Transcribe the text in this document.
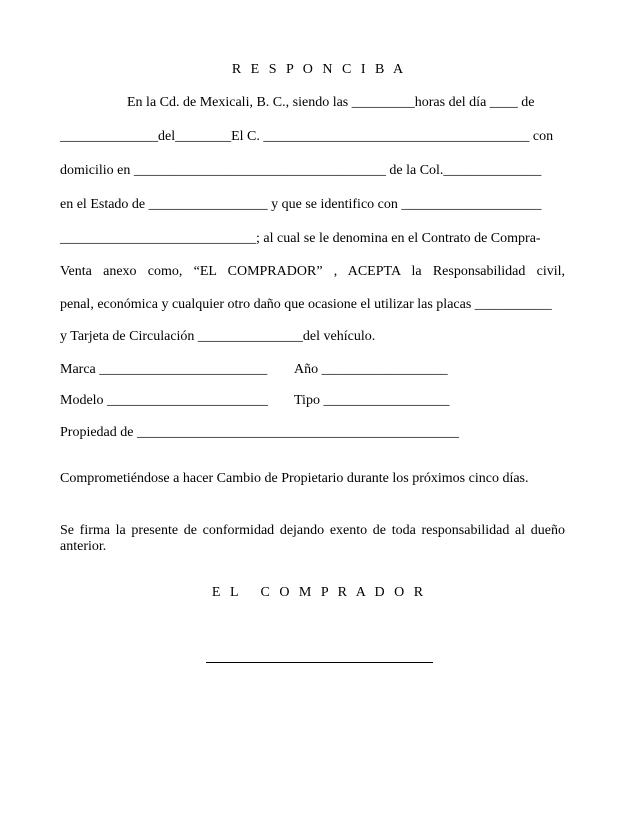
R E S P O N C I B A
En la Cd. de Mexicali, B. C., siendo las _________horas del día ____ de
______________del________El C. ______________________________________ con
domicilio en ____________________________________ de la Col.______________
en el Estado de _________________ y que se identifico con ____________________
____________________________; al cual se le denomina en el Contrato de Compra-
Venta anexo como, “EL COMPRADOR” , ACEPTA la Responsabilidad civil,
penal, económica y cualquier otro daño que ocasione el utilizar las placas ___________
y Tarjeta de Circulación _______________del vehículo.
Marca ________________________ Año __________________
Modelo _______________________ Tipo __________________
Propiedad de ______________________________________________
Comprometiéndose a hacer Cambio de Propietario durante los próximos cinco días.
Se firma la presente de conformidad dejando exento de toda responsabilidad al dueño anterior.
E L   C O M P R A D O R
